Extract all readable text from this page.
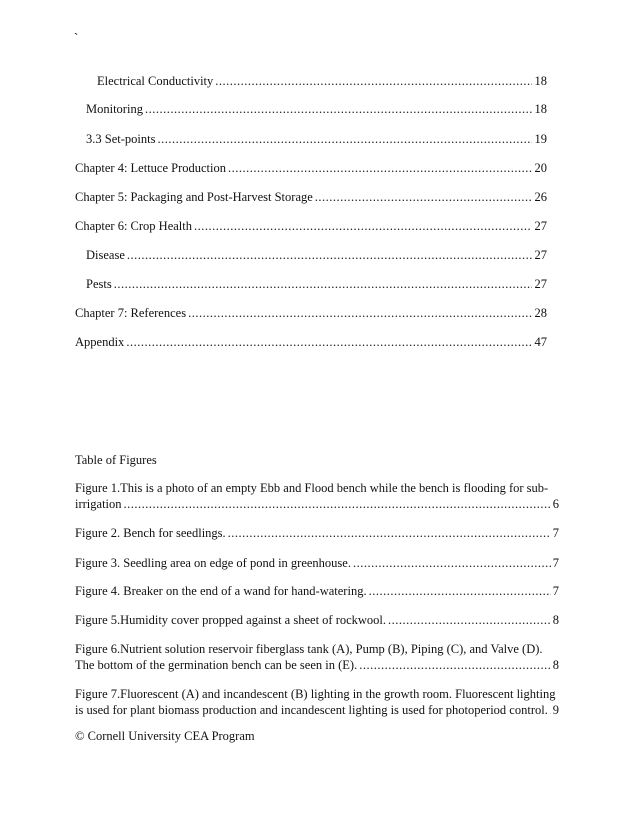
`
Electrical Conductivity .....	18
Monitoring .....	18
3.3 Set-points .....	19
Chapter 4: Lettuce Production .....	20
Chapter 5: Packaging and Post-Harvest Storage .....	26
Chapter 6: Crop Health .....	27
Disease .....	27
Pests .....	27
Chapter 7: References .....	28
Appendix .....	47
Table of Figures
Figure 1.This is a photo of an empty Ebb and Flood bench while the bench is flooding for sub-
irrigation .....	6
Figure 2. Bench for seedlings. .....	7
Figure 3. Seedling area on edge of pond in greenhouse. .....	7
Figure 4. Breaker on the end of a wand for hand-watering. .....	7
Figure 5.Humidity cover propped against a sheet of rockwool. .....	8
Figure 6.Nutrient solution reservoir fiberglass tank (A), Pump (B), Piping (C), and Valve (D).
The bottom of the germination bench can be seen in (E). .....	8
Figure 7.Fluorescent (A) and incandescent (B) lighting in the growth room. Fluorescent lighting
is used for plant biomass production and incandescent lighting is used for photoperiod control. ..... 9
© Cornell University CEA Program
